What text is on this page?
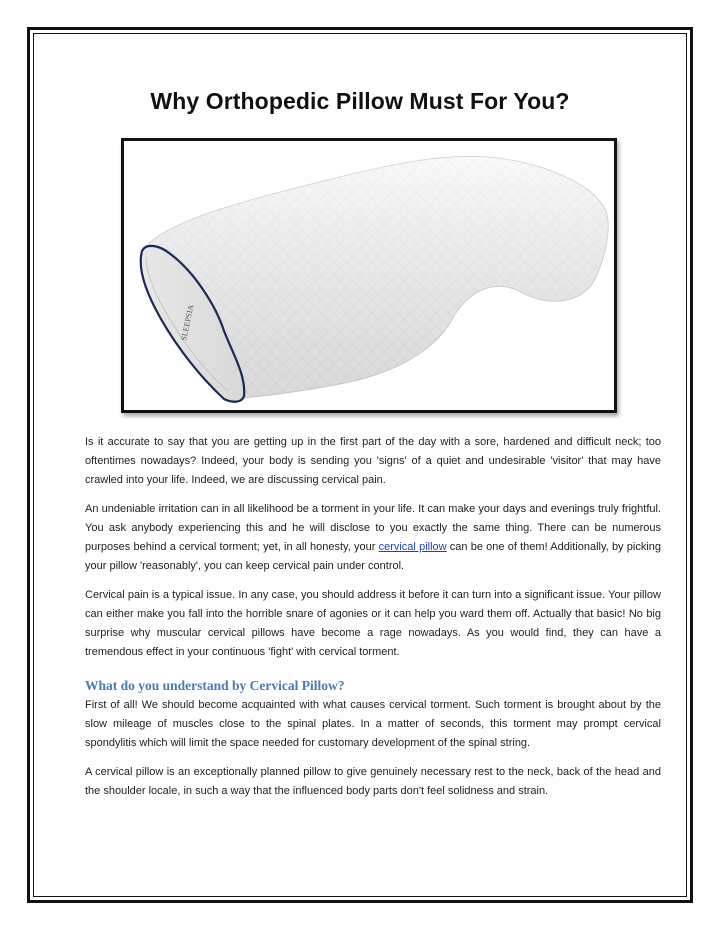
Why Orthopedic Pillow Must For You?
SLEEPSIA

Is it accurate to say that you are getting up in the first part of the day with a sore, hardened and difficult neck; too oftentimes nowadays? Indeed, your body is sending you 'signs' of a quiet and undesirable 'visitor' that may have crawled into your life. Indeed, we are discussing cervical pain.

An undeniable irritation can in all likelihood be a torment in your life. It can make your days and evenings truly frightful. You ask anybody experiencing this and he will disclose to you exactly the same thing. There can be numerous purposes behind a cervical torment; yet, in all honesty, your cervical pillow can be one of them! Additionally, by picking your pillow 'reasonably', you can keep cervical pain under control.

Cervical pain is a typical issue. In any case, you should address it before it can turn into a significant issue. Your pillow can either make you fall into the horrible snare of agonies or it can help you ward them off. Actually that basic! No big surprise why muscular cervical pillows have become a rage nowadays. As you would find, they can have a tremendous effect in your continuous 'fight' with cervical torment.

What do you understand by Cervical Pillow?

First of all! We should become acquainted with what causes cervical torment. Such torment is brought about by the slow mileage of muscles close to the spinal plates. In a matter of seconds, this torment may prompt cervical spondylitis which will limit the space needed for customary development of the spinal string.

A cervical pillow is an exceptionally planned pillow to give genuinely necessary rest to the neck, back of the head and the shoulder locale, in such a way that the influenced body parts don't feel solidness and strain.
